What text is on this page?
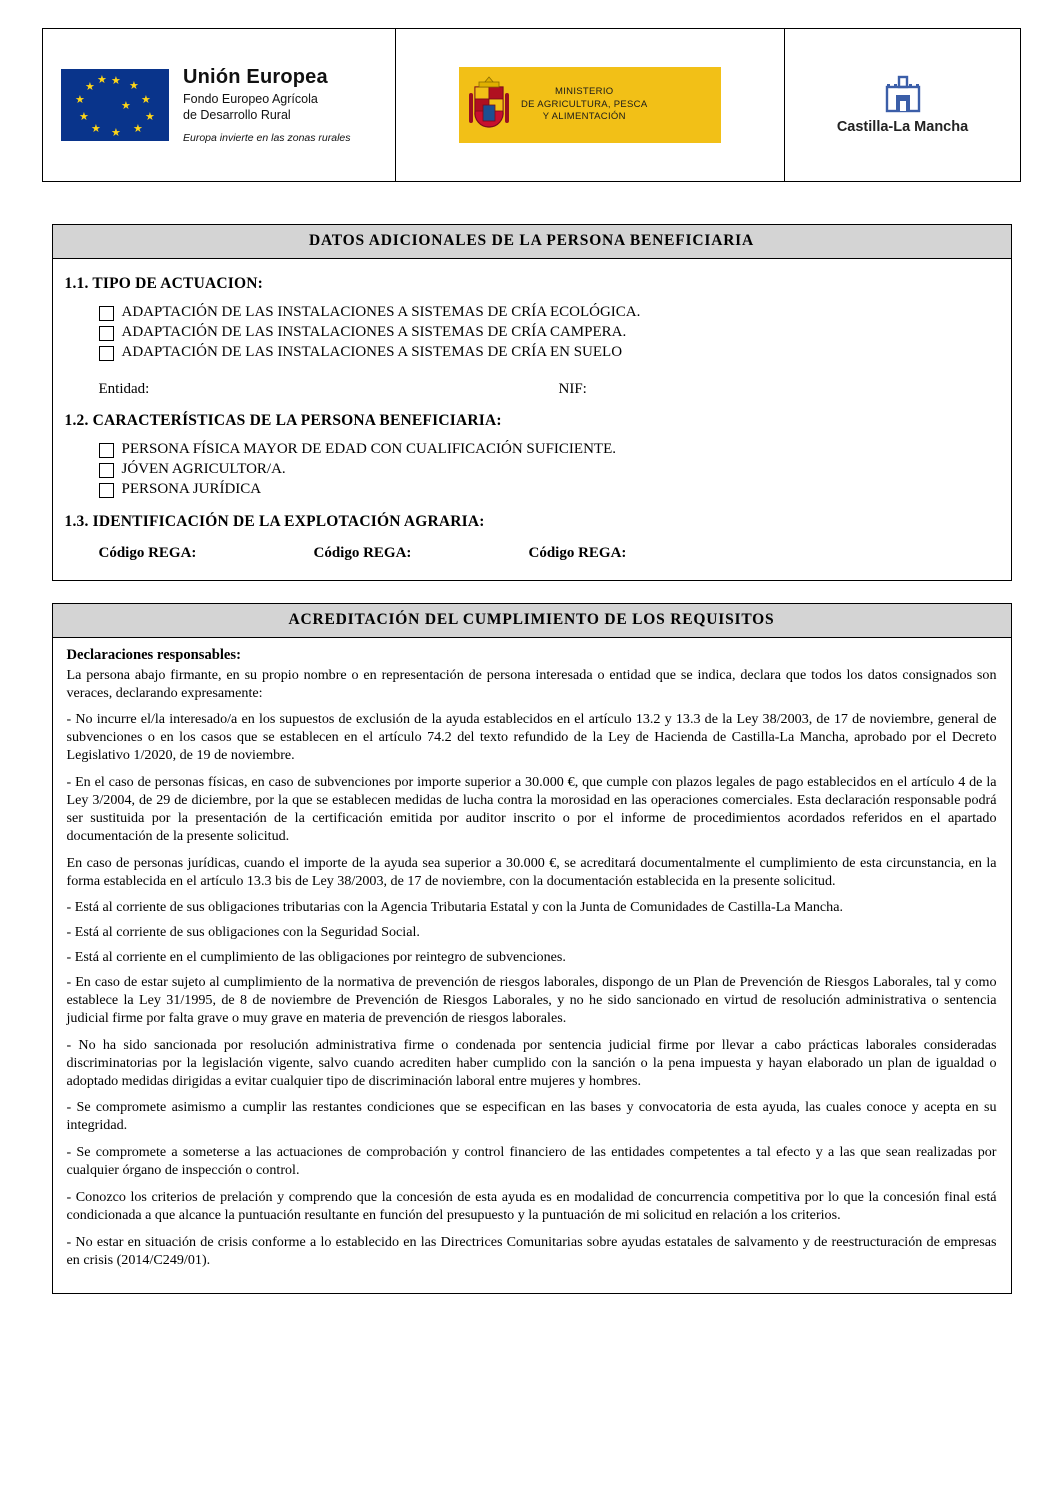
★ ★
★
★
★
★
★
★
★
★
★
★
Unión Europea
Fondo Europeo Agrícola
de Desarrollo Rural
Europa invierte en las zonas rurales

MINISTERIO
DE AGRICULTURA, PESCA
Y ALIMENTACIÓN

Castilla-La Mancha
DATOS ADICIONALES DE LA PERSONA BENEFICIARIA
1.1. TIPO DE ACTUACION:
ADAPTACIÓN DE LAS INSTALACIONES A SISTEMAS DE CRÍA ECOLÓGICA.
ADAPTACIÓN DE LAS INSTALACIONES A SISTEMAS DE CRÍA CAMPERA.
ADAPTACIÓN DE LAS INSTALACIONES A SISTEMAS DE CRÍA EN SUELO
Entidad:	NIF:
1.2. CARACTERÍSTICAS DE LA PERSONA BENEFICIARIA:
PERSONA FÍSICA MAYOR DE EDAD CON CUALIFICACIÓN SUFICIENTE.
JÓVEN AGRICULTOR/A.
PERSONA JURÍDICA
1.3. IDENTIFICACIÓN DE LA EXPLOTACIÓN AGRARIA:
Código REGA:	Código REGA:	Código REGA:
ACREDITACIÓN DEL CUMPLIMIENTO DE LOS REQUISITOS
Declaraciones responsables:
La persona abajo firmante, en su propio nombre o en representación de persona interesada o entidad que se indica, declara que todos los datos consignados son veraces, declarando expresamente:
- No incurre el/la interesado/a en los supuestos de exclusión de la ayuda establecidos en el artículo 13.2 y 13.3 de la Ley 38/2003, de 17 de noviembre, general de subvenciones o en los casos que se establecen en el artículo 74.2 del texto refundido de la Ley de Hacienda de Castilla-La Mancha, aprobado por el Decreto Legislativo 1/2020, de 19 de noviembre.
- En el caso de personas físicas, en caso de subvenciones por importe superior a 30.000 €, que cumple con plazos legales de pago establecidos en el artículo 4 de la Ley 3/2004, de 29 de diciembre, por la que se establecen medidas de lucha contra la morosidad en las operaciones comerciales. Esta declaración responsable podrá ser sustituida por la presentación de la certificación emitida por auditor inscrito o por el informe de procedimientos acordados referidos en el apartado documentación de la presente solicitud.
En caso de personas jurídicas, cuando el importe de la ayuda sea superior a 30.000 €, se acreditará documentalmente el cumplimiento de esta circunstancia, en la forma establecida en el artículo 13.3 bis de Ley 38/2003, de 17 de noviembre, con la documentación establecida en la presente solicitud.
- Está al corriente de sus obligaciones tributarias con la Agencia Tributaria Estatal y con la Junta de Comunidades de Castilla-La Mancha.
- Está al corriente de sus obligaciones con la Seguridad Social.
- Está al corriente en el cumplimiento de las obligaciones por reintegro de subvenciones.
- En caso de estar sujeto al cumplimiento de la normativa de prevención de riesgos laborales, dispongo de un Plan de Prevención de Riesgos Laborales, tal y como establece la Ley 31/1995, de 8 de noviembre de Prevención de Riesgos Laborales, y no he sido sancionado en virtud de resolución administrativa o sentencia judicial firme por falta grave o muy grave en materia de prevención de riesgos laborales.
- No ha sido sancionada por resolución administrativa firme o condenada por sentencia judicial firme por llevar a cabo prácticas laborales consideradas discriminatorias por la legislación vigente, salvo cuando acrediten haber cumplido con la sanción o la pena impuesta y hayan elaborado un plan de igualdad o adoptado medidas dirigidas a evitar cualquier tipo de discriminación laboral entre mujeres y hombres.
- Se compromete asimismo a cumplir las restantes condiciones que se especifican en las bases y convocatoria de esta ayuda, las cuales conoce y acepta en su integridad.
- Se compromete a someterse a las actuaciones de comprobación y control financiero de las entidades competentes a tal efecto y a las que sean realizadas por cualquier órgano de inspección o control.
- Conozco los criterios de prelación y comprendo que la concesión de esta ayuda es en modalidad de concurrencia competitiva por lo que la concesión final está condicionada a que alcance la puntuación resultante en función del presupuesto y la puntuación de mi solicitud en relación a los criterios.
- No estar en situación de crisis conforme a lo establecido en las Directrices Comunitarias sobre ayudas estatales de salvamento y de reestructuración de empresas en crisis (2014/C249/01).
